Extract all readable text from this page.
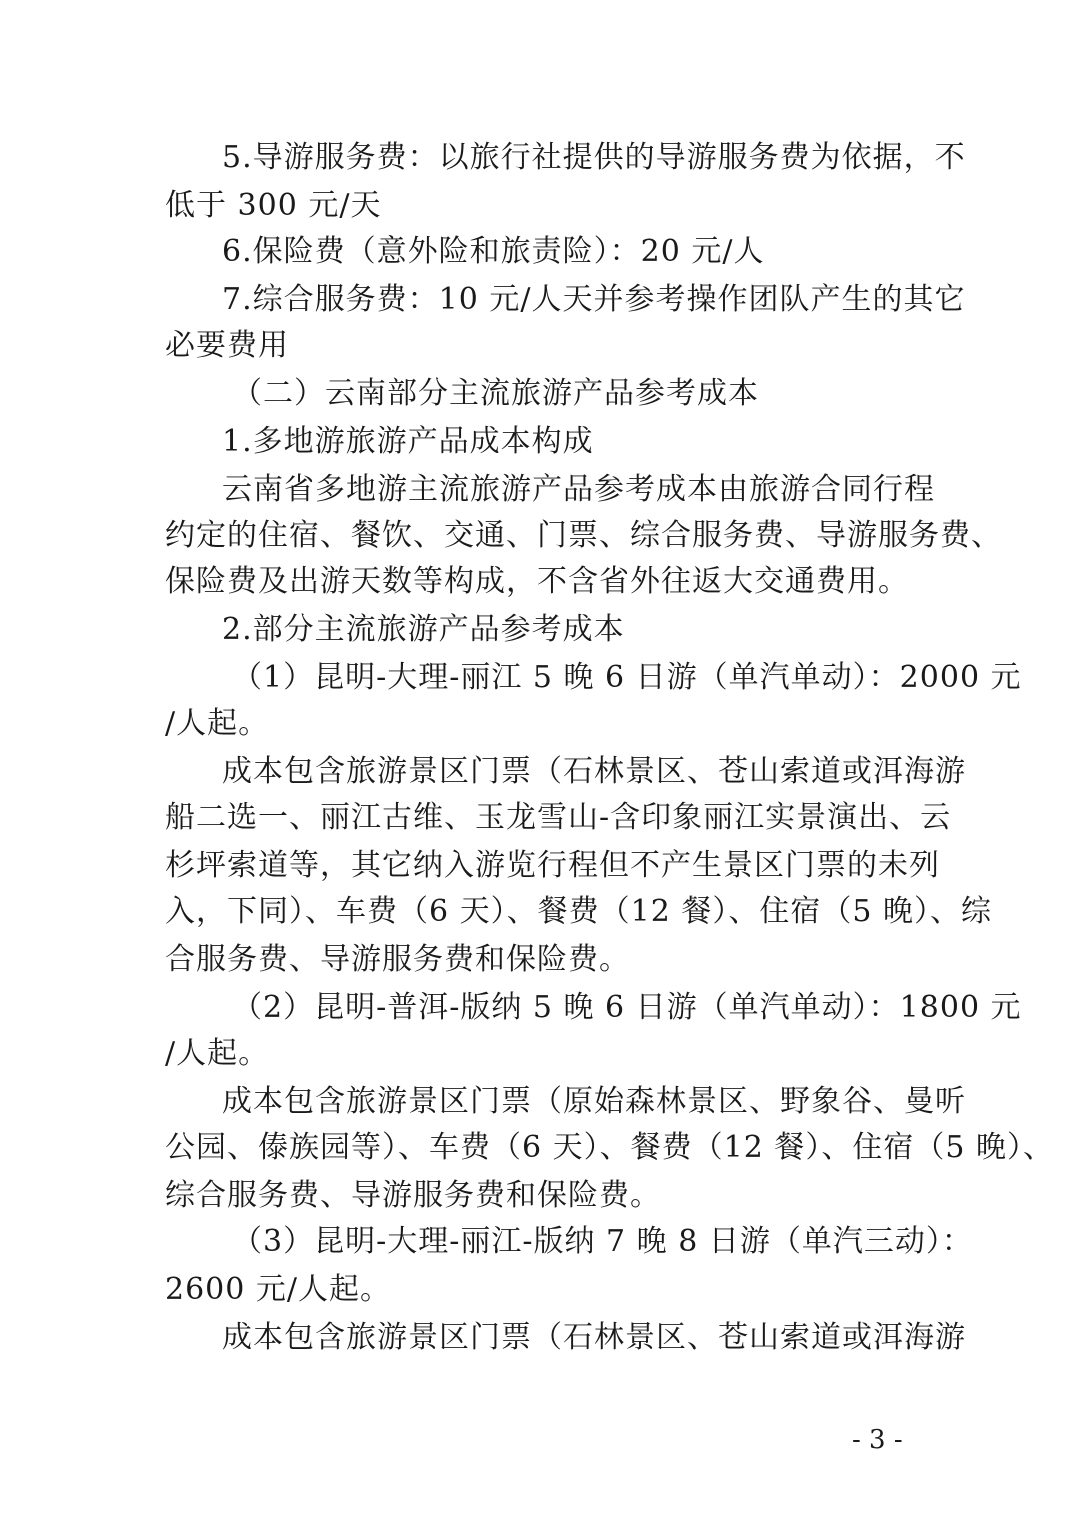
5.导游服务费：以旅行社提供的导游服务费为依据，不
低于 300 元/天
6.保险费（意外险和旅责险）：20 元/人
7.综合服务费：10 元/人天并参考操作团队产生的其它
必要费用
（二）云南部分主流旅游产品参考成本
1.多地游旅游产品成本构成
云南省多地游主流旅游产品参考成本由旅游合同行程
约定的住宿、餐饮、交通、门票、综合服务费、导游服务费、
保险费及出游天数等构成，不含省外往返大交通费用。
2.部分主流旅游产品参考成本
（1）昆明-大理-丽江 5 晚 6 日游（单汽单动）：2000 元
/人起。
成本包含旅游景区门票（石林景区、苍山索道或洱海游
船二选一、丽江古维、玉龙雪山-含印象丽江实景演出、云
杉坪索道等，其它纳入游览行程但不产生景区门票的未列
入，下同）、车费（6 天）、餐费（12 餐）、住宿（5 晚）、综
合服务费、导游服务费和保险费。
（2）昆明-普洱-版纳 5 晚 6 日游（单汽单动）：1800 元
/人起。
成本包含旅游景区门票（原始森林景区、野象谷、曼听
公园、傣族园等）、车费（6 天）、餐费（12 餐）、住宿（5 晚）、
综合服务费、导游服务费和保险费。
（3）昆明-大理-丽江-版纳 7 晚 8 日游（单汽三动）：
2600 元/人起。
成本包含旅游景区门票（石林景区、苍山索道或洱海游
- 3 -
